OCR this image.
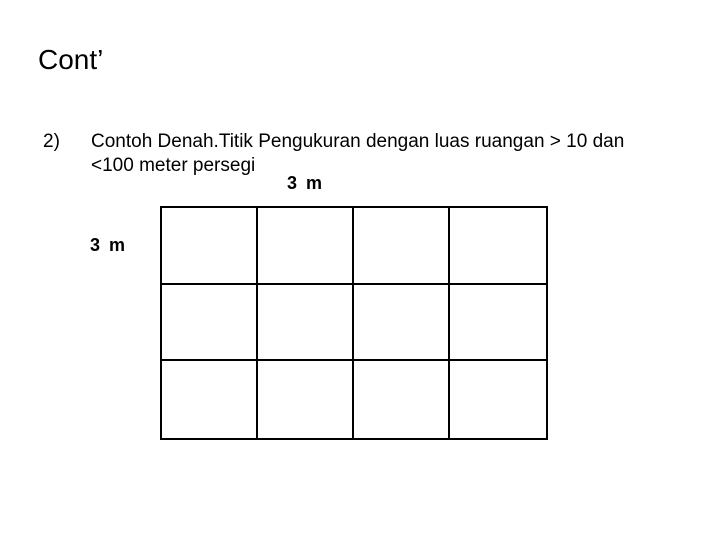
Cont’
2) Contoh Denah.Titik Pengukuran dengan luas ruangan > 10 dan
<100 meter persegi
3 m
3 m
